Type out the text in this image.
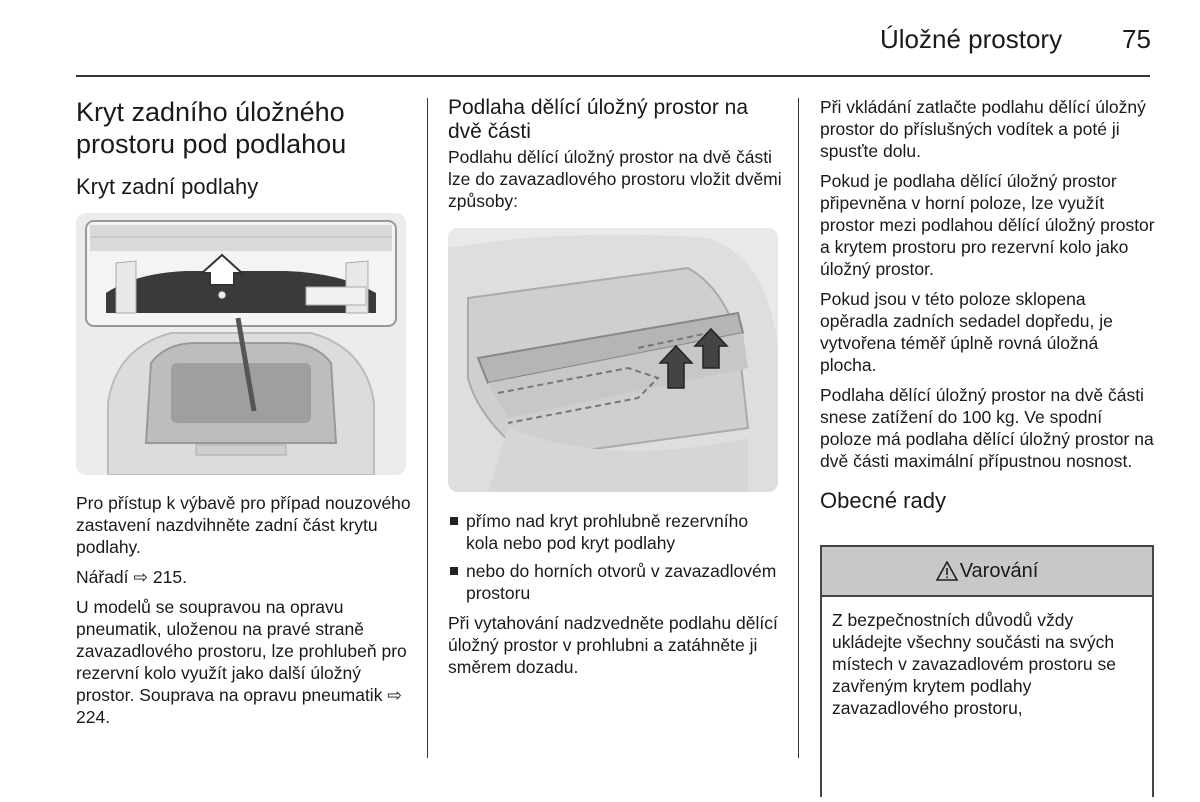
Úložné prostory 75
Kryt zadního úložného prostoru pod podlahou
Kryt zadní podlahy

Pro přístup k výbavě pro případ nouzového zastavení nazdvihněte zadní část krytu podlahy.

Nářadí ⇨ 215.

U modelů se soupravou na opravu pneumatik, uloženou na pravé straně zavazadlového prostoru, lze prohlubeň pro rezervní kolo využít jako další úložný prostor. Souprava na opravu pneumatik ⇨ 224.

Podlaha dělící úložný prostor na dvě části

Podlahu dělící úložný prostor na dvě části lze do zavazadlového prostoru vložit dvěmi způsoby:

přímo nad kryt prohlubně rezervního kola nebo pod kryt podlahy
nebo do horních otvorů v zavazadlovém prostoru

Při vytahování nadzvedněte podlahu dělící úložný prostor v prohlubni a zatáhněte ji směrem dozadu.

Při vkládání zatlačte podlahu dělící úložný prostor do příslušných vodítek a poté ji spusťte dolu.

Pokud je podlaha dělící úložný prostor připevněna v horní poloze, lze využít prostor mezi podlahou dělící úložný prostor a krytem prostoru pro rezervní kolo jako úložný prostor.

Pokud jsou v této poloze sklopena opěradla zadních sedadel dopředu, je vytvořena téměř úplně rovná úložná plocha.

Podlaha dělící úložný prostor na dvě části snese zatížení do 100 kg. Ve spodní poloze má podlaha dělící úložný prostor na dvě části maximální přípustnou nosnost.

Obecné rady
Varování

Z bezpečnostních důvodů vždy ukládejte všechny součásti na svých místech v zavazadlovém prostoru se zavřeným krytem podlahy zavazadlového prostoru,
